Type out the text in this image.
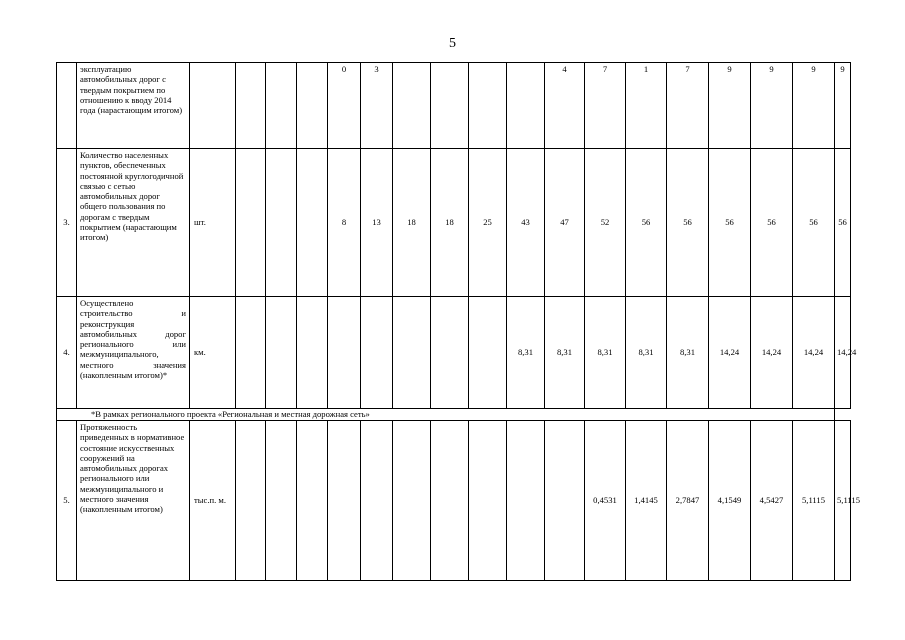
5
	эксплуатацию автомобильных дорог с твердым покрытием по отношению к вводу 2014 года (нарастающим итогом)					0	3					4	7	1	7	9	9	9	9
3.	Количество населенных пунктов, обеспеченных постоянной круглогодичной связью с сетью автомобильных дорог общего пользования по дорогам с твердым покрытием (нарастающим итогом)	шт.				8	13	18	18	25	43	47	52	56	56	56	56	56	56
4.	Осуществлено строительство и реконструкция автомобильных дорог регионального или межмуниципального, местного значения (накопленным итогом)*	км.									8,31	8,31	8,31	8,31	8,31	14,24	14,24	14,24	14,24
*В рамках регионального проекта «Региональная и местная дорожная сеть»																			
5.	Протяженность приведенных в нормативное состояние искусственных сооружений на автомобильных дорогах регионального или межмуниципального и местного значения (накопленным итогом)	тыс.п. м.											0,4531	1,4145	2,7847	4,1549	4,5427	5,1115	5,1115
